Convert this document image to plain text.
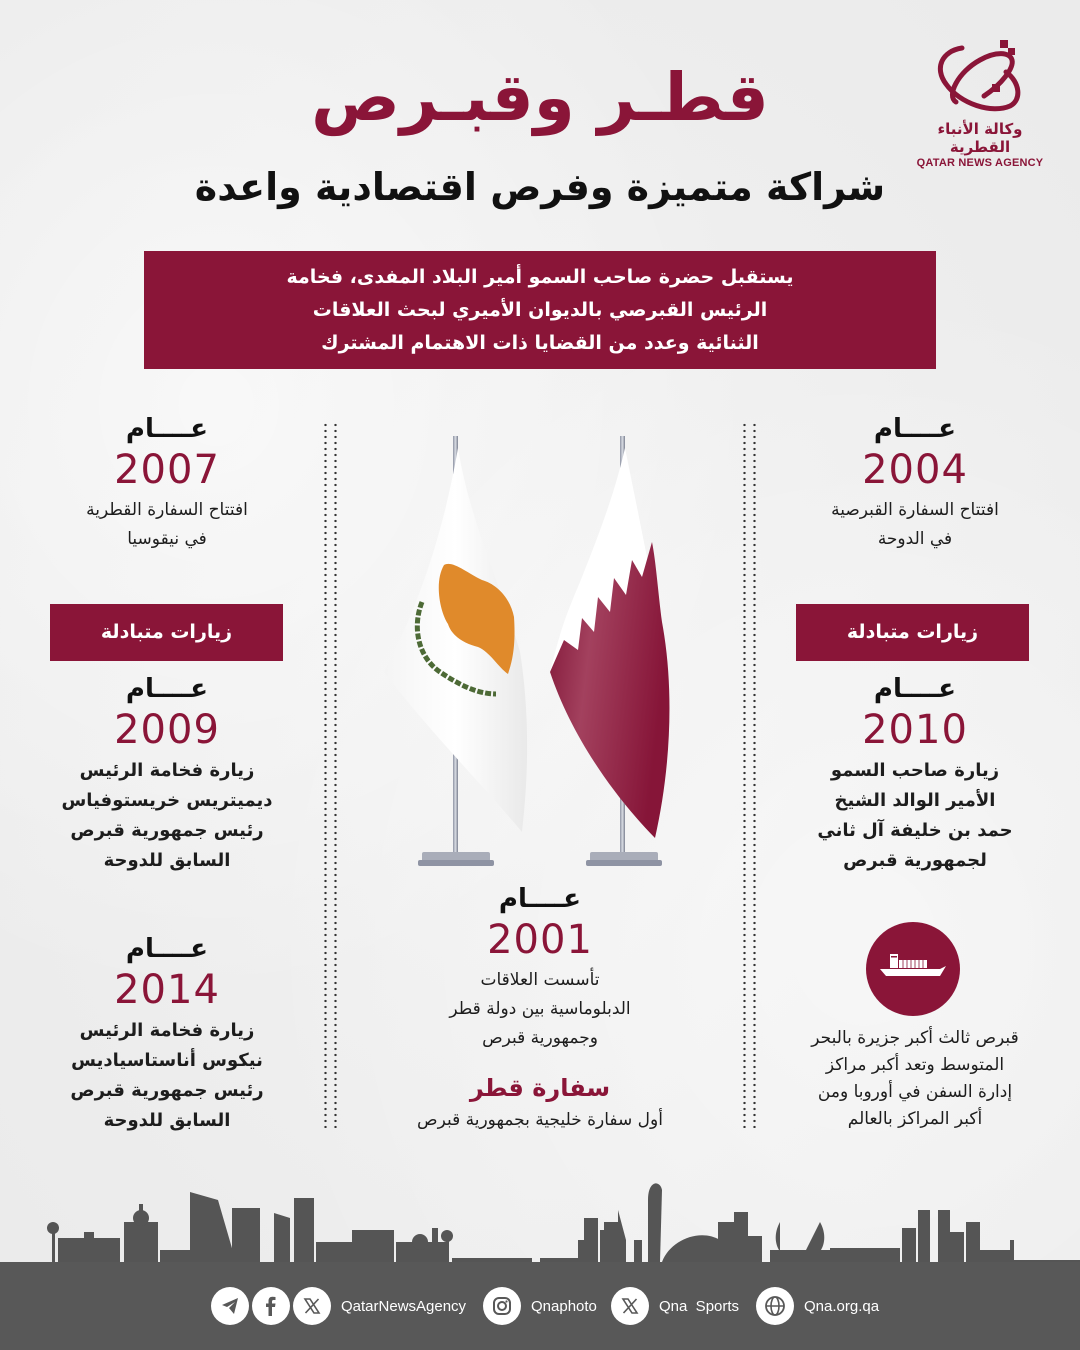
وكالة الأنباء القطرية
QATAR NEWS AGENCY
قطـر وقبـرص
شراكة متميزة وفرص اقتصادية واعدة
يستقبل حضرة صاحب السمو أمير البلاد المفدى، فخامة
الرئيس القبرصي بالديوان الأميري لبحث العلاقات
الثنائية وعدد من القضايا ذات الاهتمام المشترك
عــــام
2004
افتتاح السفارة القبرصية
في الدوحة
زيارات متبادلة
عــــام
2010
زيارة صاحب السمو
الأمير الوالد الشيخ
حمد بن خليفة آل ثاني
لجمهورية قبرص
قبرص ثالث أكبر جزيرة بالبحر
المتوسط وتعد أكبر مراكز
إدارة السفن في أوروبا ومن
أكبر المراكز بالعالم
عــــام
2007
افتتاح السفارة القطرية
في نيقوسيا
زيارات متبادلة
عــــام
2009
زيارة فخامة الرئيس
ديميتريس خريستوفياس
رئيس جمهورية قبرص
السابق للدوحة
عــــام
2014
زيارة فخامة الرئيس
نيكوس أناستاسياديس
رئيس جمهورية قبرص
السابق للدوحة
عــــام
2001
تأسست العلاقات
الدبلوماسية بين دولة قطر
وجمهورية قبرص
سفارة قطر
أول سفارة خليجية بجمهورية قبرص
QatarNewsAgency	Qnaphoto	Qna  Sports	Qna.org.qa
